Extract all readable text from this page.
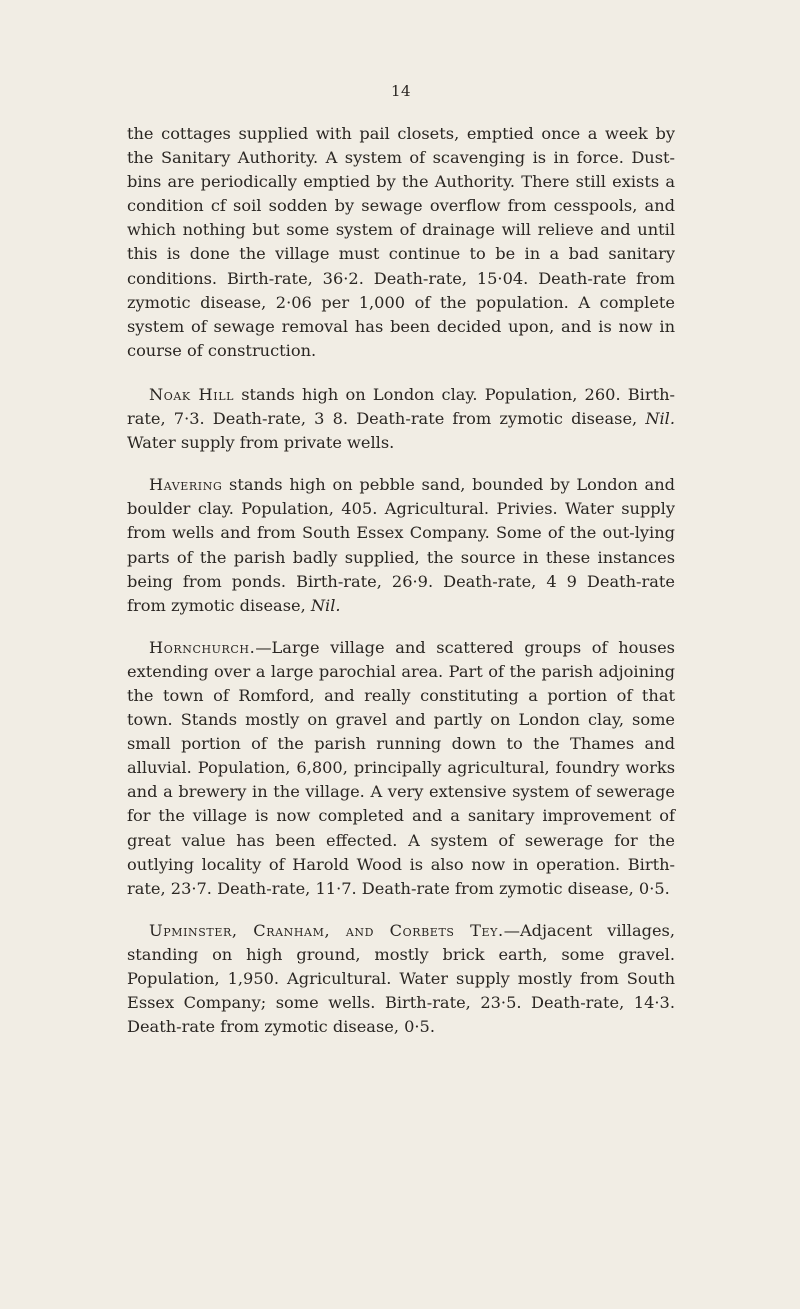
14

the cottages supplied with pail closets, emptied once a week by the Sanitary Authority. A system of scavenging is in force. Dust-bins are periodically emptied by the Authority. There still exists a condition cf soil sodden by sewage overflow from cesspools, and which nothing but some system of drainage will relieve and until this is done the village must continue to be in a bad sanitary conditions. Birth-rate, 36·2. Death-rate, 15·04. Death-rate from zymotic disease, 2·06 per 1,000 of the population. A complete system of sewage removal has been decided upon, and is now in course of construction.

Noak Hill stands high on London clay. Population, 260. Birth-rate, 7·3. Death-rate, 3 8. Death-rate from zymotic disease, Nil. Water supply from private wells.

Havering stands high on pebble sand, bounded by London and boulder clay. Population, 405. Agricultural. Privies. Water supply from wells and from South Essex Company. Some of the out-lying parts of the parish badly supplied, the source in these instances being from ponds. Birth-rate, 26·9. Death-rate, 4 9 Death-rate from zymotic disease, Nil.

Hornchurch.—Large village and scattered groups of houses extending over a large parochial area. Part of the parish adjoining the town of Romford, and really constituting a portion of that town. Stands mostly on gravel and partly on London clay, some small portion of the parish running down to the Thames and alluvial. Population, 6,800, principally agricultural, foundry works and a brewery in the village. A very extensive system of sewerage for the village is now completed and a sanitary improvement of great value has been effected. A system of sewerage for the outlying locality of Harold Wood is also now in operation. Birth-rate, 23·7. Death-rate, 11·7. Death-rate from zymotic disease, 0·5.

Upminster, Cranham, and Corbets Tey.—Adjacent villages, standing on high ground, mostly brick earth, some gravel. Population, 1,950. Agricultural. Water supply mostly from South Essex Company; some wells. Birth-rate, 23·5. Death-rate, 14·3. Death-rate from zymotic disease, 0·5.
